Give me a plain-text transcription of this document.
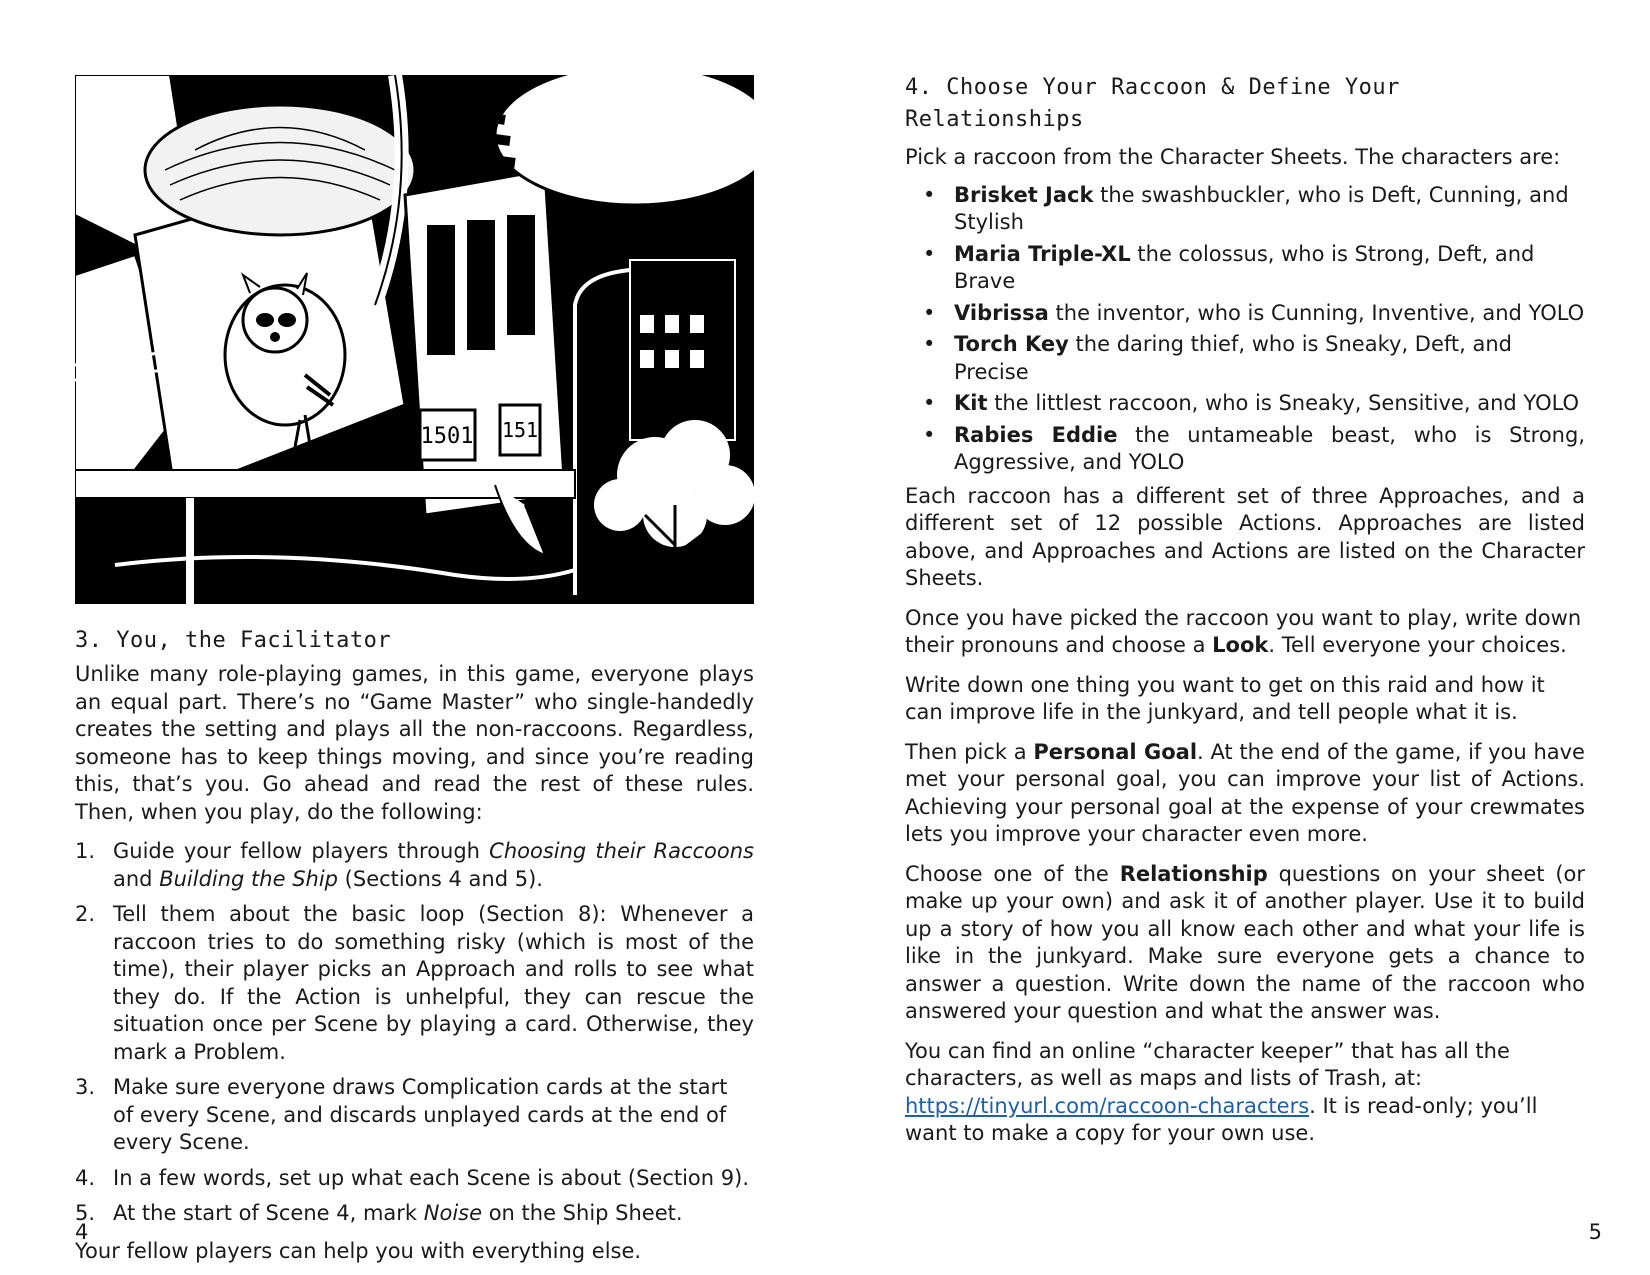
1501 151
3. You, the Facilitator

Unlike many role-playing games, in this game, everyone plays an equal part. There’s no “Game Master” who single-handedly creates the setting and plays all the non-raccoons. Regardless, someone has to keep things moving, and since you’re reading this, that’s you. Go ahead and read the rest of these rules. Then, when you play, do the following:

1. Guide your fellow players through Choosing their Raccoons and Building the Ship (Sections 4 and 5).
2. Tell them about the basic loop (Section 8): Whenever a raccoon tries to do something risky (which is most of the time), their player picks an Approach and rolls to see what they do. If the Action is unhelpful, they can rescue the situation once per Scene by playing a card. Otherwise, they mark a Problem.
3. Make sure everyone draws Complication cards at the start of every Scene, and discards unplayed cards at the end of every Scene.
4. In a few words, set up what each Scene is about (Section 9).
5. At the start of Scene 4, mark Noise on the Ship Sheet.

Your fellow players can help you with everything else.

4
4. Choose Your Raccoon & Define Your Relationships

Pick a raccoon from the Character Sheets. The characters are:

• Brisket Jack the swashbuckler, who is Deft, Cunning, and Stylish
• Maria Triple-XL the colossus, who is Strong, Deft, and Brave
• Vibrissa the inventor, who is Cunning, Inventive, and YOLO
• Torch Key the daring thief, who is Sneaky, Deft, and Precise
• Kit the littlest raccoon, who is Sneaky, Sensitive, and YOLO
• Rabies Eddie the untameable beast, who is Strong, Aggressive, and YOLO

Each raccoon has a different set of three Approaches, and a different set of 12 possible Actions. Approaches are listed above, and Approaches and Actions are listed on the Character Sheets.

Once you have picked the raccoon you want to play, write down their pronouns and choose a Look. Tell everyone your choices.

Write down one thing you want to get on this raid and how it can improve life in the junkyard, and tell people what it is.

Then pick a Personal Goal. At the end of the game, if you have met your personal goal, you can improve your list of Actions. Achieving your personal goal at the expense of your crewmates lets you improve your character even more.

Choose one of the Relationship questions on your sheet (or make up your own) and ask it of another player. Use it to build up a story of how you all know each other and what your life is like in the junkyard. Make sure everyone gets a chance to answer a question. Write down the name of the raccoon who answered your question and what the answer was.

You can find an online “character keeper” that has all the characters, as well as maps and lists of Trash, at: https://tinyurl.com/raccoon-characters. It is read-only; you’ll want to make a copy for your own use.

5
